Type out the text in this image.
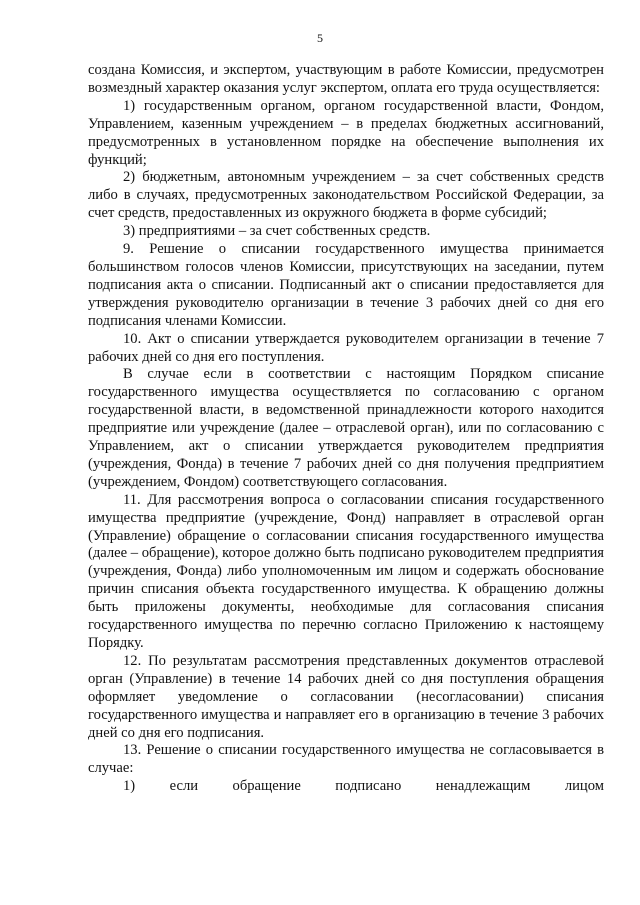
5

создана Комиссия, и экспертом, участвующим в работе Комиссии, предусмотрен возмездный характер оказания услуг экспертом, оплата его труда осуществляется:

1) государственным органом, органом государственной власти, Фондом, Управлением, казенным учреждением – в пределах бюджетных ассигнований, предусмотренных в установленном порядке на обеспечение выполнения их функций;

2) бюджетным, автономным учреждением – за счет собственных средств либо в случаях, предусмотренных законодательством Российской Федерации, за счет средств, предоставленных из окружного бюджета в форме субсидий;

3) предприятиями – за счет собственных средств.

9. Решение о списании государственного имущества принимается большинством голосов членов Комиссии, присутствующих на заседании, путем подписания акта о списании. Подписанный акт о списании предоставляется для утверждения руководителю организации в течение 3 рабочих дней со дня его подписания членами Комиссии.

10. Акт о списании утверждается руководителем организации в течение 7 рабочих дней со дня его поступления.

В случае если в соответствии с настоящим Порядком списание государственного имущества осуществляется по согласованию с органом государственной власти, в ведомственной принадлежности которого находится предприятие или учреждение (далее – отраслевой орган), или по согласованию с Управлением, акт о списании утверждается руководителем предприятия (учреждения, Фонда) в течение 7 рабочих дней со дня получения предприятием (учреждением, Фондом) соответствующего согласования.

11. Для рассмотрения вопроса о согласовании списания государственного имущества предприятие (учреждение, Фонд) направляет в отраслевой орган (Управление) обращение о согласовании списания государственного имущества (далее – обращение), которое должно быть подписано руководителем предприятия (учреждения, Фонда) либо уполномоченным им лицом и содержать обоснование причин списания объекта государственного имущества. К обращению должны быть приложены документы, необходимые для согласования списания государственного имущества по перечню согласно Приложению к настоящему Порядку.

12. По результатам рассмотрения представленных документов отраслевой орган (Управление) в течение 14 рабочих дней со дня поступления обращения оформляет уведомление о согласовании (несогласовании) списания государственного имущества и направляет его в организацию в течение 3 рабочих дней со дня его подписания.

13. Решение о списании государственного имущества не согласовывается в случае:

1) если обращение подписано ненадлежащим лицом
